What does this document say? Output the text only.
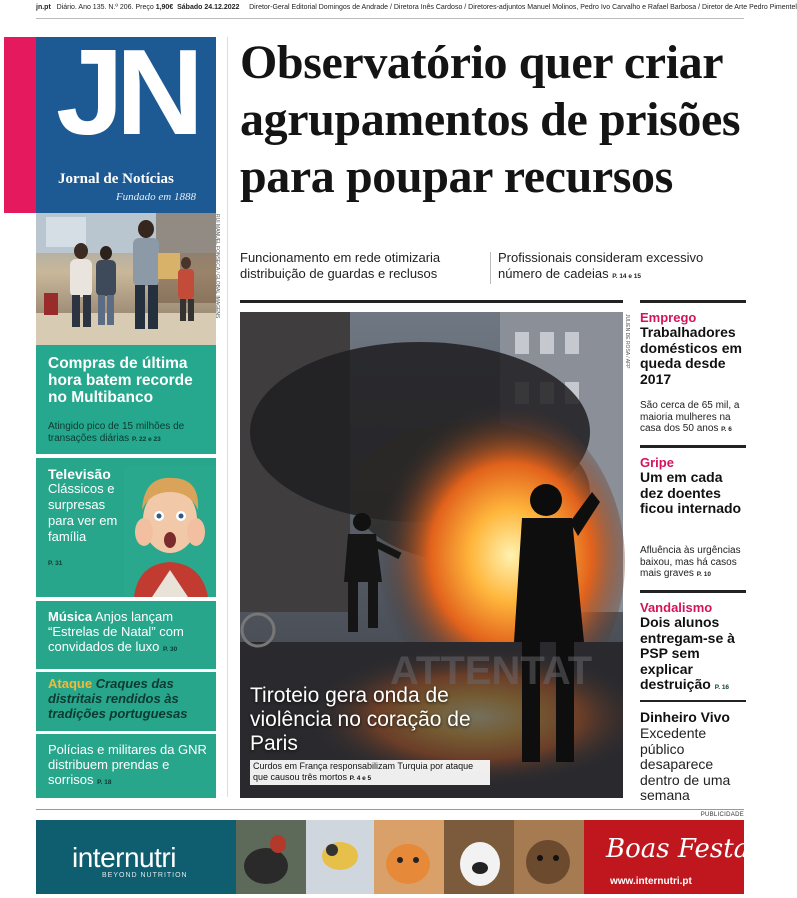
jn.pt Diário. Ano 135. N.º 206. Preço 1,90€ Sábado 24.12.2022 Diretor-Geral Editorial Domingos de Andrade / Diretora Inês Cardoso / Diretores-adjuntos Manuel Molinos, Pedro Ivo Carvalho e Rafael Barbosa / Diretor de Arte Pedro Pimentel
JN
Jornal de Notícias
Fundado em 1888
RUI MANUEL FONSECA / GLOBAL IMAGENS
Compras de última hora batem recorde no Multibanco
Atingido pico de 15 milhões de transações diárias P. 22 e 23
Televisão
Clássicos e surpresas para ver em família
P. 31
Música Anjos lançam “Estrelas de Natal” com convidados de luxo P. 30
Ataque Craques das distritais rendidos às tradições portuguesas
Polícias e militares da GNR distribuem prendas e sorrisos P. 18
Observatório quer criar agrupamentos de prisões para poupar recursos
Funcionamento em rede otimizaria distribuição de guardas e reclusos
Profissionais consideram excessivo número de cadeias P. 14 e 15
ATTENTAT
Tiroteio gera onda de violência no coração de Paris
Curdos em França responsabilizam Turquia por ataque que causou três mortos P. 4 e 5
JULIEN DE ROSA / AFP Emprego
Trabalhadores domésticos em queda desde 2017
São cerca de 65 mil, a maioria mulheres na casa dos 50 anos P. 6
Gripe
Um em cada dez doentes ficou internado
Afluência às urgências baixou, mas há casos mais graves P. 10
Vandalismo
Dois alunos entregam-se à PSP sem explicar destruição P. 16
Dinheiro Vivo
Excedente público desaparece dentro de uma semana
PUBLICIDADE
internutri
BEYOND NUTRITION
Boas Festas
www.internutri.pt
